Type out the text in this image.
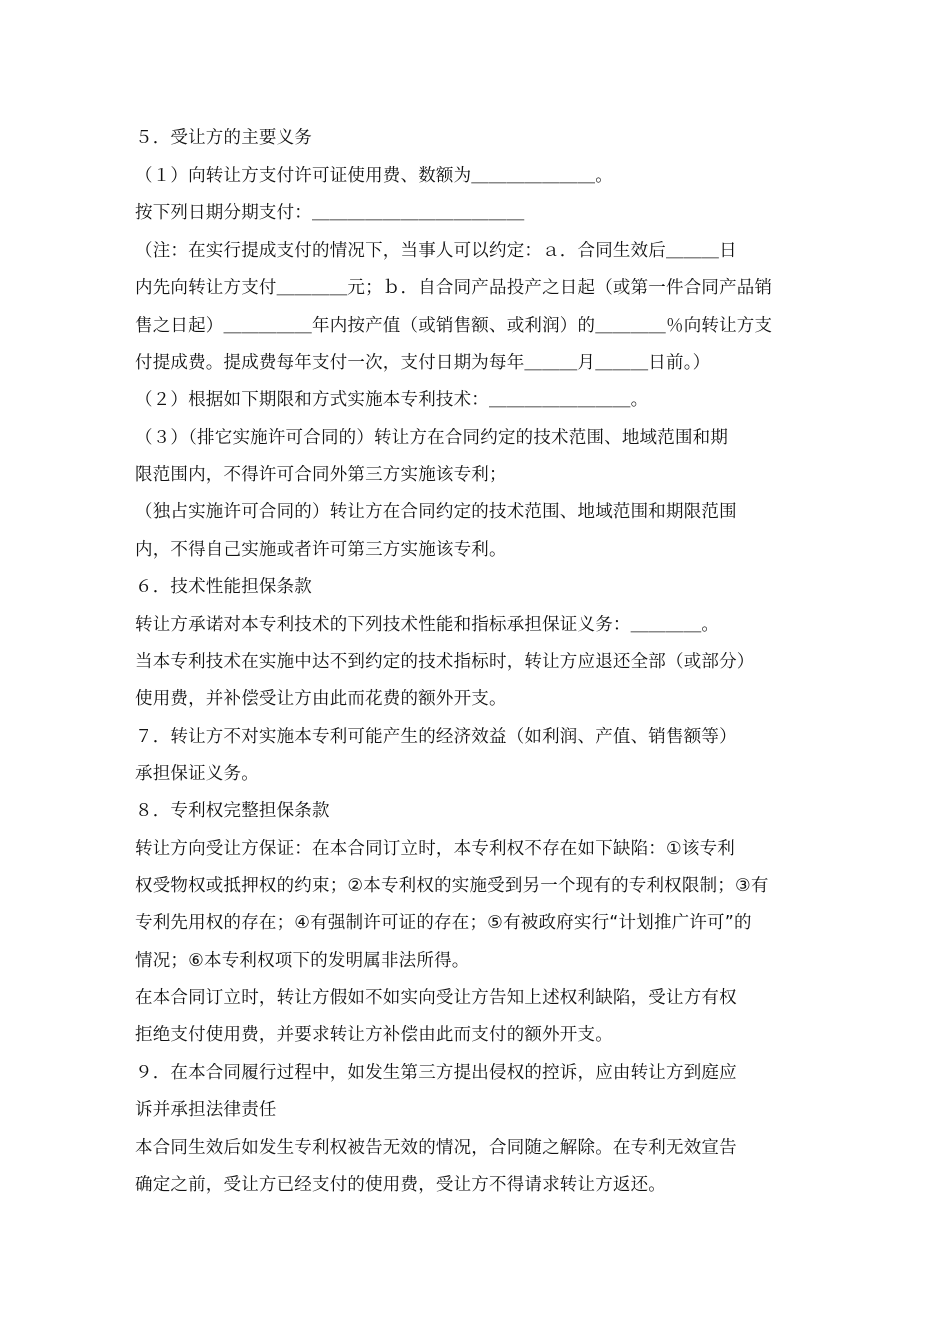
５．受让方的主要义务
（１）向转让方支付许可证使用费、数额为＿＿＿＿＿＿＿。
按下列日期分期支付：＿＿＿＿＿＿＿＿＿＿＿＿
（注：在实行提成支付的情况下，当事人可以约定：ａ．合同生效后＿＿＿日
内先向转让方支付＿＿＿＿元；ｂ．自合同产品投产之日起（或第一件合同产品销
售之日起）＿＿＿＿＿年内按产值（或销售额、或利润）的＿＿＿＿％向转让方支
付提成费。提成费每年支付一次，支付日期为每年＿＿＿月＿＿＿日前。）
（２）根据如下期限和方式实施本专利技术：＿＿＿＿＿＿＿＿。
（３）（排它实施许可合同的）转让方在合同约定的技术范围、地域范围和期
限范围内，不得许可合同外第三方实施该专利；
（独占实施许可合同的）转让方在合同约定的技术范围、地域范围和期限范围
内，不得自己实施或者许可第三方实施该专利。
６．技术性能担保条款
转让方承诺对本专利技术的下列技术性能和指标承担保证义务：＿＿＿＿。
当本专利技术在实施中达不到约定的技术指标时，转让方应退还全部（或部分）
使用费，并补偿受让方由此而花费的额外开支。
７．转让方不对实施本专利可能产生的经济效益（如利润、产值、销售额等）
承担保证义务。
８．专利权完整担保条款
转让方向受让方保证：在本合同订立时，本专利权不存在如下缺陷：①该专利
权受物权或抵押权的约束；②本专利权的实施受到另一个现有的专利权限制；③有
专利先用权的存在；④有强制许可证的存在；⑤有被政府实行“计划推广许可”的
情况；⑥本专利权项下的发明属非法所得。
在本合同订立时，转让方假如不如实向受让方告知上述权利缺陷，受让方有权
拒绝支付使用费，并要求转让方补偿由此而支付的额外开支。
９．在本合同履行过程中，如发生第三方提出侵权的控诉，应由转让方到庭应
诉并承担法律责任
本合同生效后如发生专利权被告无效的情况，合同随之解除。在专利无效宣告
确定之前，受让方已经支付的使用费，受让方不得请求转让方返还。
